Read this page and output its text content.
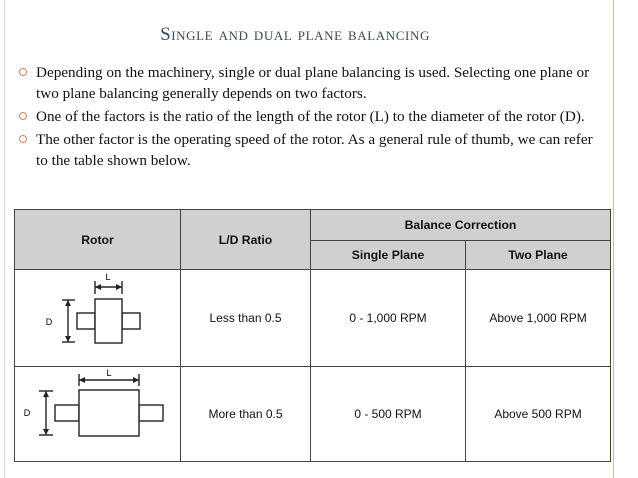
Single and dual plane balancing
Depending on the machinery, single or dual plane balancing is used. Selecting one plane or two plane balancing generally depends on two factors.
One of the factors is the ratio of the length of the rotor (L) to the diameter of the rotor (D).
The other factor is the operating speed of the rotor. As a general rule of thumb, we can refer to the table shown below.
Rotor	L/D Ratio	Balance Correction	
		Single Plane	Two Plane

L
D	Less than 0.5	0 - 1,000 RPM	Above 1,000 RPM

L
D	More than 0.5	0 - 500 RPM	Above 500 RPM
